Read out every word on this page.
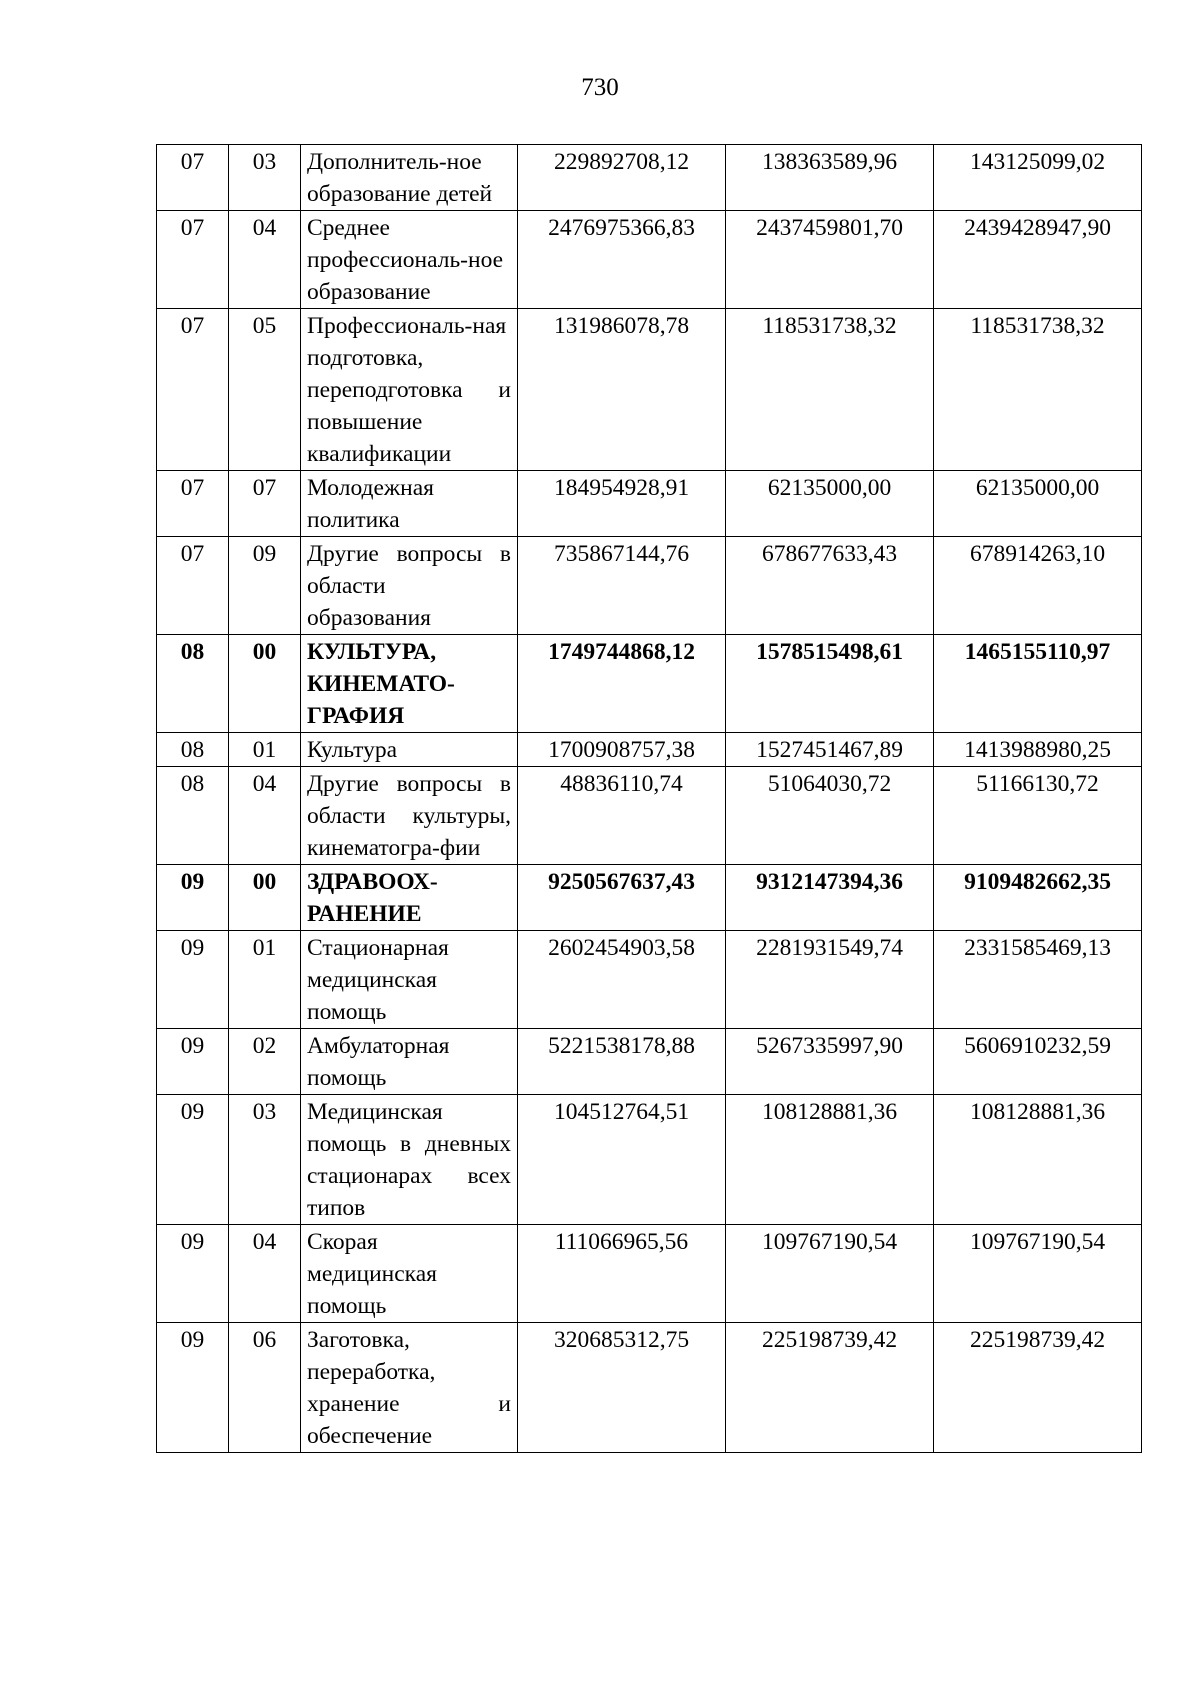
730
07	03	Дополнитель-ное образование детей	229892708,12	138363589,96	143125099,02
07	04	Среднее профессиональ-ное образование	2476975366,83	2437459801,70	2439428947,90
07	05	Профессиональ-ная подготовка, переподготовка и повышение квалификации	131986078,78	118531738,32	118531738,32
07	07	Молодежная политика	184954928,91	62135000,00	62135000,00
07	09	Другие вопросы в области образования	735867144,76	678677633,43	678914263,10
08	00	КУЛЬТУРА, КИНЕМАТО-ГРАФИЯ	1749744868,12	1578515498,61	1465155110,97
08	01	Культура	1700908757,38	1527451467,89	1413988980,25
08	04	Другие вопросы в области культуры, кинематогра-фии	48836110,74	51064030,72	51166130,72
09	00	ЗДРАВООХ-РАНЕНИЕ	9250567637,43	9312147394,36	9109482662,35
09	01	Стационарная медицинская помощь	2602454903,58	2281931549,74	2331585469,13
09	02	Амбулаторная помощь	5221538178,88	5267335997,90	5606910232,59
09	03	Медицинская помощь в дневных стационарах всех типов	104512764,51	108128881,36	108128881,36
09	04	Скорая медицинская помощь	111066965,56	109767190,54	109767190,54
09	06	Заготовка, переработка, хранение и обеспечение	320685312,75	225198739,42	225198739,42
